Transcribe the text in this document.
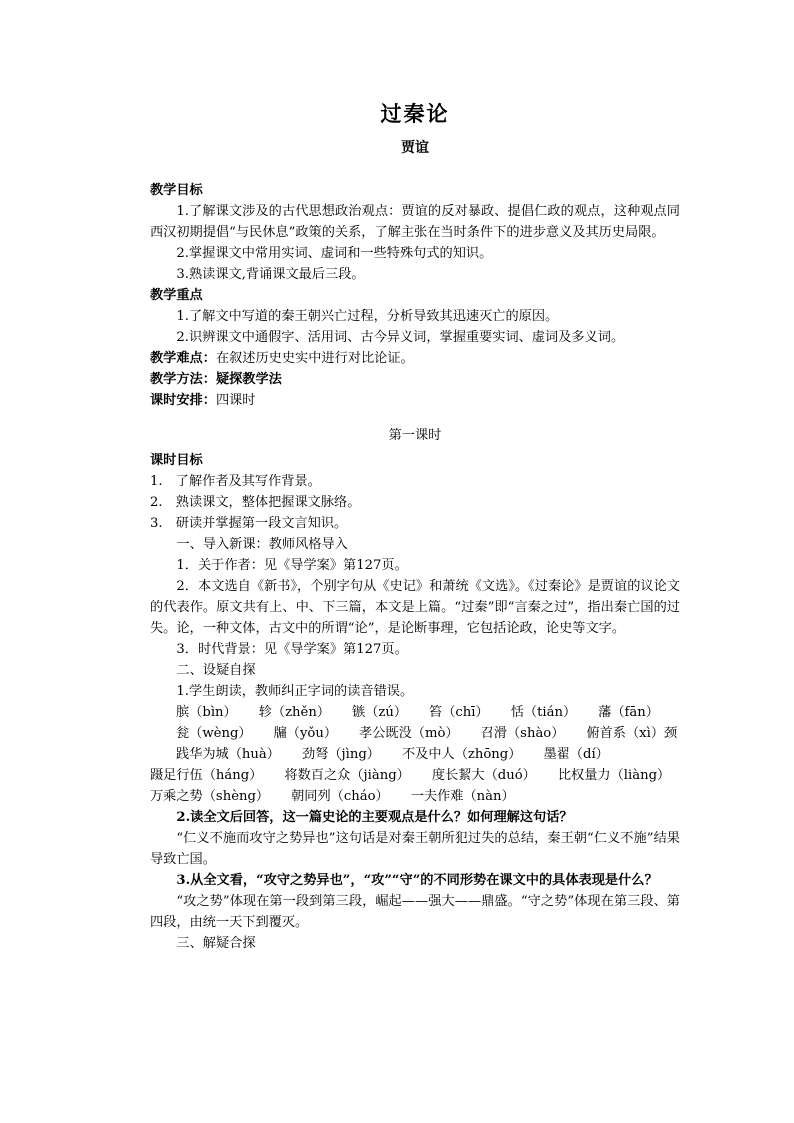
过秦论
贾谊
教学目标

1.了解课文涉及的古代思想政治观点：贾谊的反对暴政、提倡仁政的观点，这种观点同西汉初期提倡“与民休息”政策的关系，了解主张在当时条件下的进步意义及其历史局限。

2.掌握课文中常用实词、虚词和一些特殊句式的知识。

3.熟读课文,背诵课文最后三段。

教学重点

1.了解文中写道的秦王朝兴亡过程，分析导致其迅速灭亡的原因。

2.识辨课文中通假字、活用词、古今异义词，掌握重要实词、虚词及多义词。

教学难点：在叙述历史史实中进行对比论证。

教学方法：疑探教学法

课时安排：四课时

第一课时
课时目标

1.　了解作者及其写作背景。

2.　熟读课文，整体把握课文脉络。

3.　研读并掌握第一段文言知识。

一、导入新课：教师风格导入

1．关于作者：见《导学案》第127页。

2．本文选自《新书》，个别字句从《史记》和萧统《文选》。《过秦论》是贾谊的议论文的代表作。原文共有上、中、下三篇，本文是上篇。“过秦”即“言秦之过”，指出秦亡国的过失。论，一种文体，古文中的所谓“论”，是论断事理，它包括论政，论史等文字。

3．时代背景：见《导学案》第127页。

二、设疑自探

1.学生朗读，教师纠正字词的读音错误。

膑（bìn） 轸（zhěn） 镞（zú） 笞（chī） 恬（tián） 藩（fān）
瓮（wèng） 牖（yǒu） 孝公既没（mò） 召滑（shào） 俯首系（xì）颈
践华为城（huà） 劲弩（jìng） 不及中人（zhōng） 墨翟（dí）
蹑足行伍（háng） 将数百之众（jiàng） 度长絜大（duó） 比权量力（liàng）
万乘之势（shèng） 朝同列（cháo） 一夫作难（nàn）

2.读全文后回答，这一篇史论的主要观点是什么？如何理解这句话？

“仁义不施而攻守之势异也”这句话是对秦王朝所犯过失的总结，秦王朝“仁义不施”结果导致亡国。

3.从全文看，“攻守之势异也”，“攻”“守”的不同形势在课文中的具体表现是什么？

“攻之势”体现在第一段到第三段，崛起——强大——鼎盛。“守之势”体现在第三段、第四段，由统一天下到覆灭。

三、解疑合探
